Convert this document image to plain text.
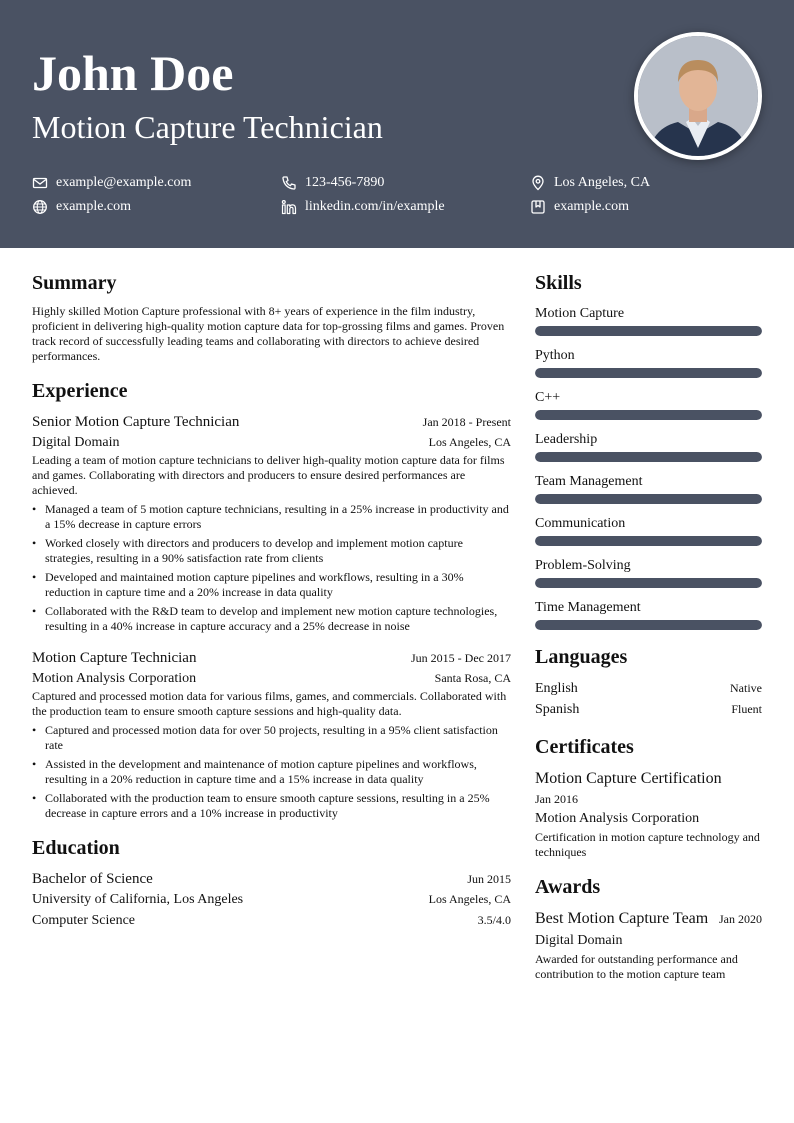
John Doe
Motion Capture Technician
example@example.com	123-456-7890	Los Angeles, CA
example.com	linkedin.com/in/example	example.com
Summary

Highly skilled Motion Capture professional with 8+ years of experience in the film industry, proficient in delivering high-quality motion capture data for top-grossing films and games. Proven track record of successfully leading teams and collaborating with directors to achieve desired performances.

Experience
Senior Motion Capture Technician	Jan 2018 - Present
Digital Domain	Los Angeles, CA

Leading a team of motion capture technicians to deliver high-quality motion capture data for films and games. Collaborating with directors and producers to ensure desired performances are achieved.

• Managed a team of 5 motion capture technicians, resulting in a 25% increase in productivity and a 15% decrease in capture errors
• Worked closely with directors and producers to develop and implement motion capture strategies, resulting in a 90% satisfaction rate from clients
• Developed and maintained motion capture pipelines and workflows, resulting in a 30% reduction in capture time and a 20% increase in data quality
• Collaborated with the R&D team to develop and implement new motion capture technologies, resulting in a 40% increase in capture accuracy and a 25% decrease in noise
Motion Capture Technician	Jun 2015 - Dec 2017
Motion Analysis Corporation	Santa Rosa, CA

Captured and processed motion data for various films, games, and commercials. Collaborated with the production team to ensure smooth capture sessions and high-quality data.

• Captured and processed motion data for over 50 projects, resulting in a 95% client satisfaction rate
• Assisted in the development and maintenance of motion capture pipelines and workflows, resulting in a 20% reduction in capture time and a 15% increase in data quality
• Collaborated with the production team to ensure smooth capture sessions, resulting in a 25% decrease in capture errors and a 10% increase in productivity
Education
Bachelor of Science	Jun 2015
University of California, Los Angeles	Los Angeles, CA
Computer Science	3.5/4.0
Skills
Motion Capture
Python
C++
Leadership
Team Management
Communication
Problem-Solving
Time Management
Languages
English	Native
Spanish	Fluent
Certificates
Motion Capture Certification
Jan 2016
Motion Analysis Corporation

Certification in motion capture technology and techniques

Awards
Best Motion Capture Team Jan 2020
Digital Domain

Awarded for outstanding performance and contribution to the motion capture team
